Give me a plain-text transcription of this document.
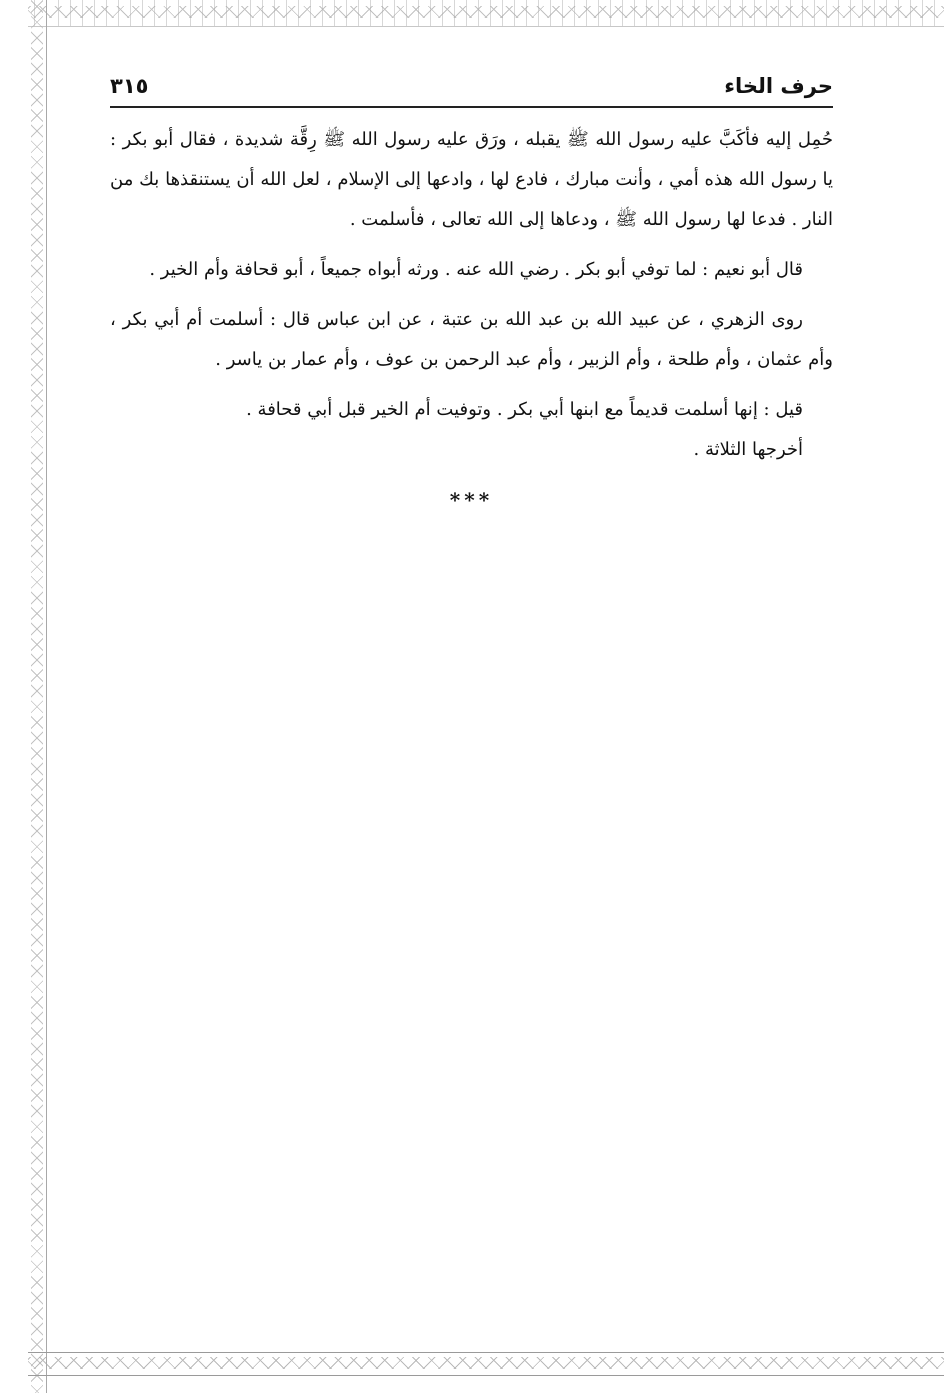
حرف الخاء
٣١٥

حُمِل إليه فأكَبَّ عليه رسول الله ﷺ يقبله ، ورَق عليه رسول الله ﷺ رِقَّة شديدة ، فقال أبو بكر : يا رسول الله هذه أمي ، وأنت مبارك ، فادع لها ، وادعها إلى الإسلام ، لعل الله أن يستنقذها بك من النار . فدعا لها رسول الله ﷺ ، ودعاها إلى الله تعالى ، فأسلمت .

قال أبو نعيم : لما توفي أبو بكر . رضي الله عنه . ورثه أبواه جميعاً ، أبو قحافة وأم الخير .

روى الزهري ، عن عبيد الله بن عبد الله بن عتبة ، عن ابن عباس قال : أسلمت أم أبي بكر ، وأم عثمان ، وأم طلحة ، وأم الزبير ، وأم عبد الرحمن بن عوف ، وأم عمار بن ياسر .

قيل : إنها أسلمت قديماً مع ابنها أبي بكر . وتوفيت أم الخير قبل أبي قحافة .

أخرجها الثلاثة .

***
